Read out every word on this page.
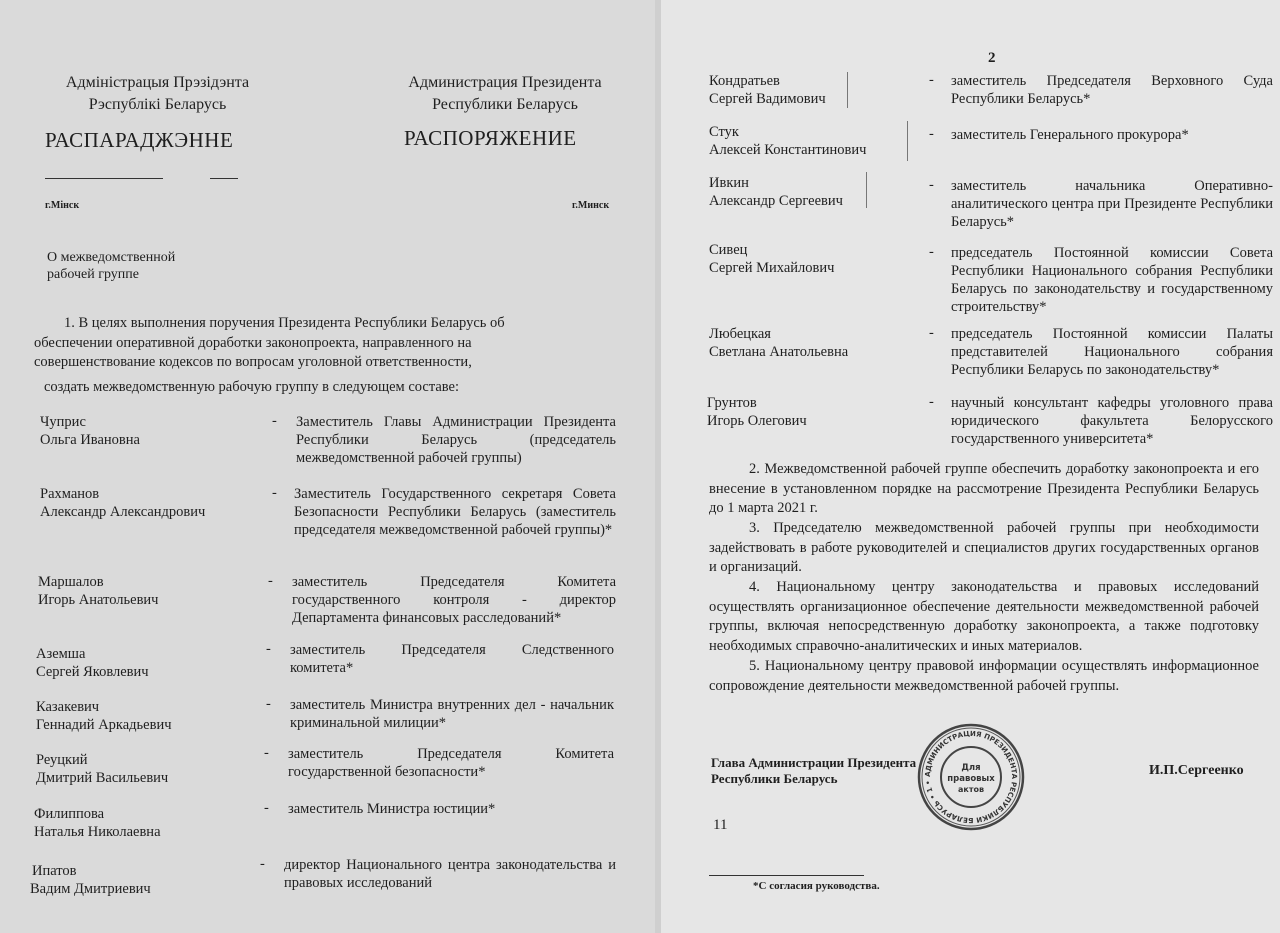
Адміністрацыя Прэзідэнта
Рэспублікі Беларусь
РАСПАРАДЖЭННЕ
Администрация Президента
Республики Беларусь
РАСПОРЯЖЕНИЕ
г.Мінск	г.Минск
О межведомственной
рабочей группе
1. В целях выполнения поручения Президента Республики Беларусь об
обеспечении оперативной доработки законопроекта, направленного на
совершенствование кодексов по вопросам уголовной ответственности,
создать межведомственную рабочую группу в следующем составе:
Чуприс
Ольга Ивановна
- Заместитель Главы Администрации Президента Республики Беларусь (председатель межведомственной рабочей группы)
Рахманов
Александр Александрович
- Заместитель Государственного секретаря Совета Безопасности Республики Беларусь (заместитель председателя межведомственной рабочей группы)*
Маршалов
Игорь Анатольевич
- заместитель Председателя Комитета государственного контроля - директор Департамента финансовых расследований*
Аземша
Сергей Яковлевич
- заместитель Председателя Следственного комитета*
Казакевич
Геннадий Аркадьевич
- заместитель Министра внутренних дел - начальник криминальной милиции*
Реуцкий
Дмитрий Васильевич
- заместитель Председателя Комитета государственной безопасности*
Филиппова
Наталья Николаевна
- заместитель Министра юстиции*
Ипатов
Вадим Дмитриевич
- директор Национального центра законодательства и правовых исследований
2
Кондратьев
Сергей Вадимович
- заместитель Председателя Верховного Суда Республики Беларусь*
Стук
Алексей Константинович
- заместитель Генерального прокурора*
Ивкин
Александр Сергеевич
- заместитель начальника Оперативно-аналитического центра при Президенте Республики Беларусь*
Сивец
Сергей Михайлович
- председатель Постоянной комиссии Совета Республики Национального собрания Республики Беларусь по законодательству и государственному строительству*
Любецкая
Светлана Анатольевна
- председатель Постоянной комиссии Палаты представителей Национального собрания Республики Беларусь по законодательству*
Грунтов
Игорь Олегович
- научный консультант кафедры уголовного права юридического факультета Белорусского государственного университета*
2. Межведомственной рабочей группе обеспечить доработку законопроекта и его внесение в установленном порядке на рассмотрение Президента Республики Беларусь до 1 марта 2021 г.
3. Председателю межведомственной рабочей группы при необходимости задействовать в работе руководителей и специалистов других государственных органов и организаций.
4. Национальному центру законодательства и правовых исследований осуществлять организационное обеспечение деятельности межведомственной рабочей группы, включая непосредственную доработку законопроекта, а также подготовку необходимых справочно-аналитических и иных материалов.
5. Национальному центру правовой информации осуществлять информационное сопровождение деятельности межведомственной рабочей группы.
Глава Администрации Президента
Республики Беларусь
И.П.Сергеенко
АДМИНИСТРАЦИЯ ПРЕЗИДЕНТА РЕСПУБЛИКИ БЕЛАРУСЬ • 1 •
Для
правовых
актов
11
*С согласия руководства.
